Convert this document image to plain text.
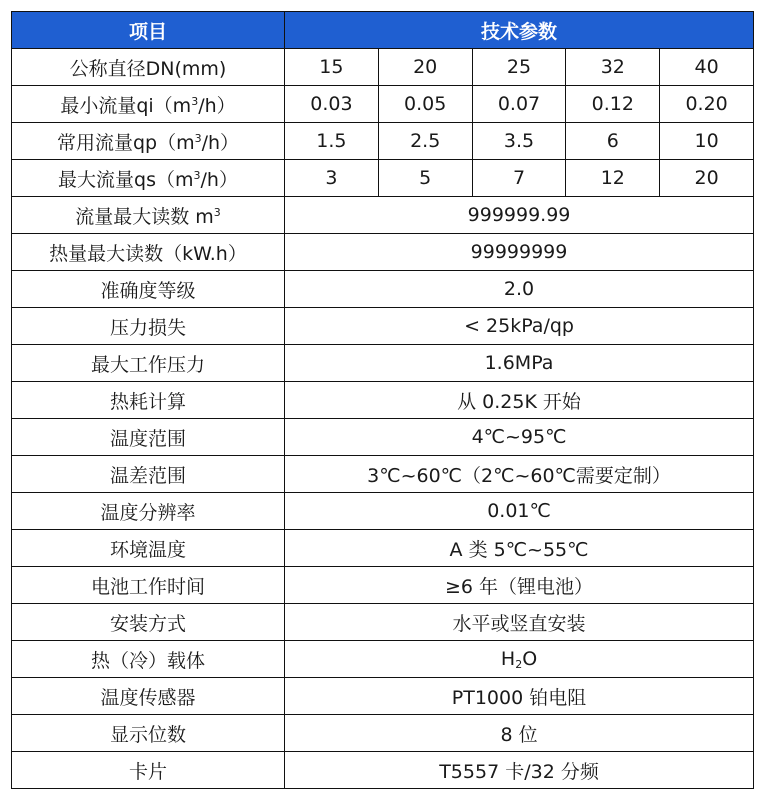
项目	技术参数				
公称直径DN(mm)	15	20	25	32	40
最小流量$qi(m^3/h)$	0.03	0.05	0.07	0.12	0.20
常用流量$qp(m^3/h)$	1.5	2.5	3.5	6	10
最大流量$qs(m^3/h)$	3	5	7	12	20
流量最大读数 $m^3$	999999.99				
热量最大读数（kW.h）	99999999				
准确度等级	2.0				
压力损失	< 25kPa/qp				
最大工作压力	1.6MPa				
热耗计算	从 0.25K 开始				
温度范围	4℃~95℃				
温差范围	3℃~60℃（2℃~60℃需要定制）				
温度分辨率	0.01℃				
环境温度	A 类 5℃~55℃				
电池工作时间	≥6 年（锂电池）				
安装方式	水平或竖直安装				
热（冷）载体	$H_2O$				
温度传感器	PT1000 铂电阻				
显示位数	8 位				
卡片	T5557 卡/32 分频				
